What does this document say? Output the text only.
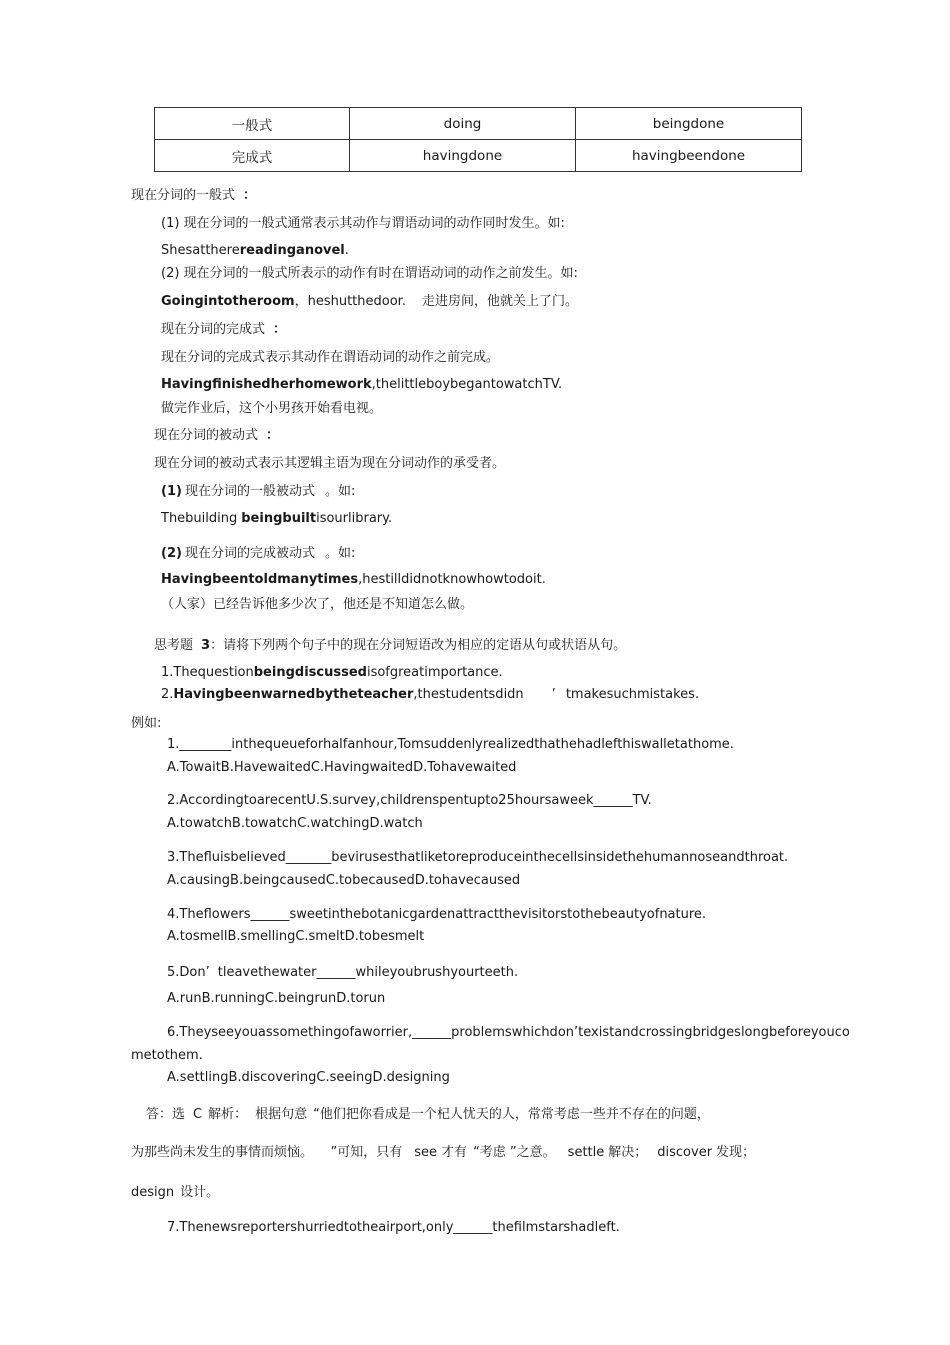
一般式	doing	beingdone
完成式	havingdone	havingbeendone
现在分词的一般式 ：
(1) 现在分词的一般式通常表示其动作与谓语动词的动作同时发生。如:
Shesattherereadinganovel.
(2) 现在分词的一般式所表示的动作有时在谓语动词的动作之前发生。如:
Goingintotheroom，heshutthedoor. 走进房间，他就关上了门。
现在分词的完成式 ：
现在分词的完成式表示其动作在谓语动词的动作之前完成。
Havingfinishedherhomework,thelittleboybegantowatchTV.
做完作业后，这个小男孩开始看电视。
现在分词的被动式 ：
现在分词的被动式表示其逻辑主语为现在分词动作的承受者。
(1) 现在分词的一般被动式 。如:
Thebuilding beingbuiltisourlibrary.
(2) 现在分词的完成被动式 。如:
Havingbeentoldmanytimes,hestilldidnotknowhowtodoit.
（人家）已经告诉他多少次了，他还是不知道怎么做。
思考题 3：请将下列两个句子中的现在分词短语改为相应的定语从句或状语从句。
1.Thequestionbeingdiscussedisofgreatimportance.
2.Havingbeenwarnedbytheteacher,thestudentsdidn ’ tmakesuchmistakes.
例如:
1.________inthequeueforhalfanhour,Tomsuddenlyrealizedthathehadlefthiswalletathome.
A.TowaitB.HavewaitedC.HavingwaitedD.Tohavewaited
2.AccordingtoarecentU.S.survey,childrenspentupto25hoursaweek______TV.
A.towatchB.towatchC.watchingD.watch
3.Thefluisbelieved_______bevirusesthatliketoreproduceinthecellsinsidethehumannoseandthroat.
A.causingB.beingcausedC.tobecausedD.tohavecaused
4.Theflowers______sweetinthebotanicgardenattractthevisitorstothebeautyofnature.
A.tosmellB.smellingC.smeltD.tobesmelt
5.Don’ tleavethewater______whileyoubrushyourteeth.
A.runB.runningC.beingrunD.torun
6.Theyseeyouassomethingofaworrier,______problemswhichdon’texistandcrossingbridgeslongbeforeyouco
metothem.
A.settlingB.discoveringC.seeingD.designing
答：选 C 解析： 根据句意 “他们把你看成是一个杞人忧天的人，常常考虑一些并不存在的问题，
为那些尚未发生的事情而烦恼。 ”可知，只有 see 才有 “考虑 ”之意。 settle 解决； discover 发现；
design 设计。
7.Thenewsreportershurriedtotheairport,only______thefilmstarshadleft.
